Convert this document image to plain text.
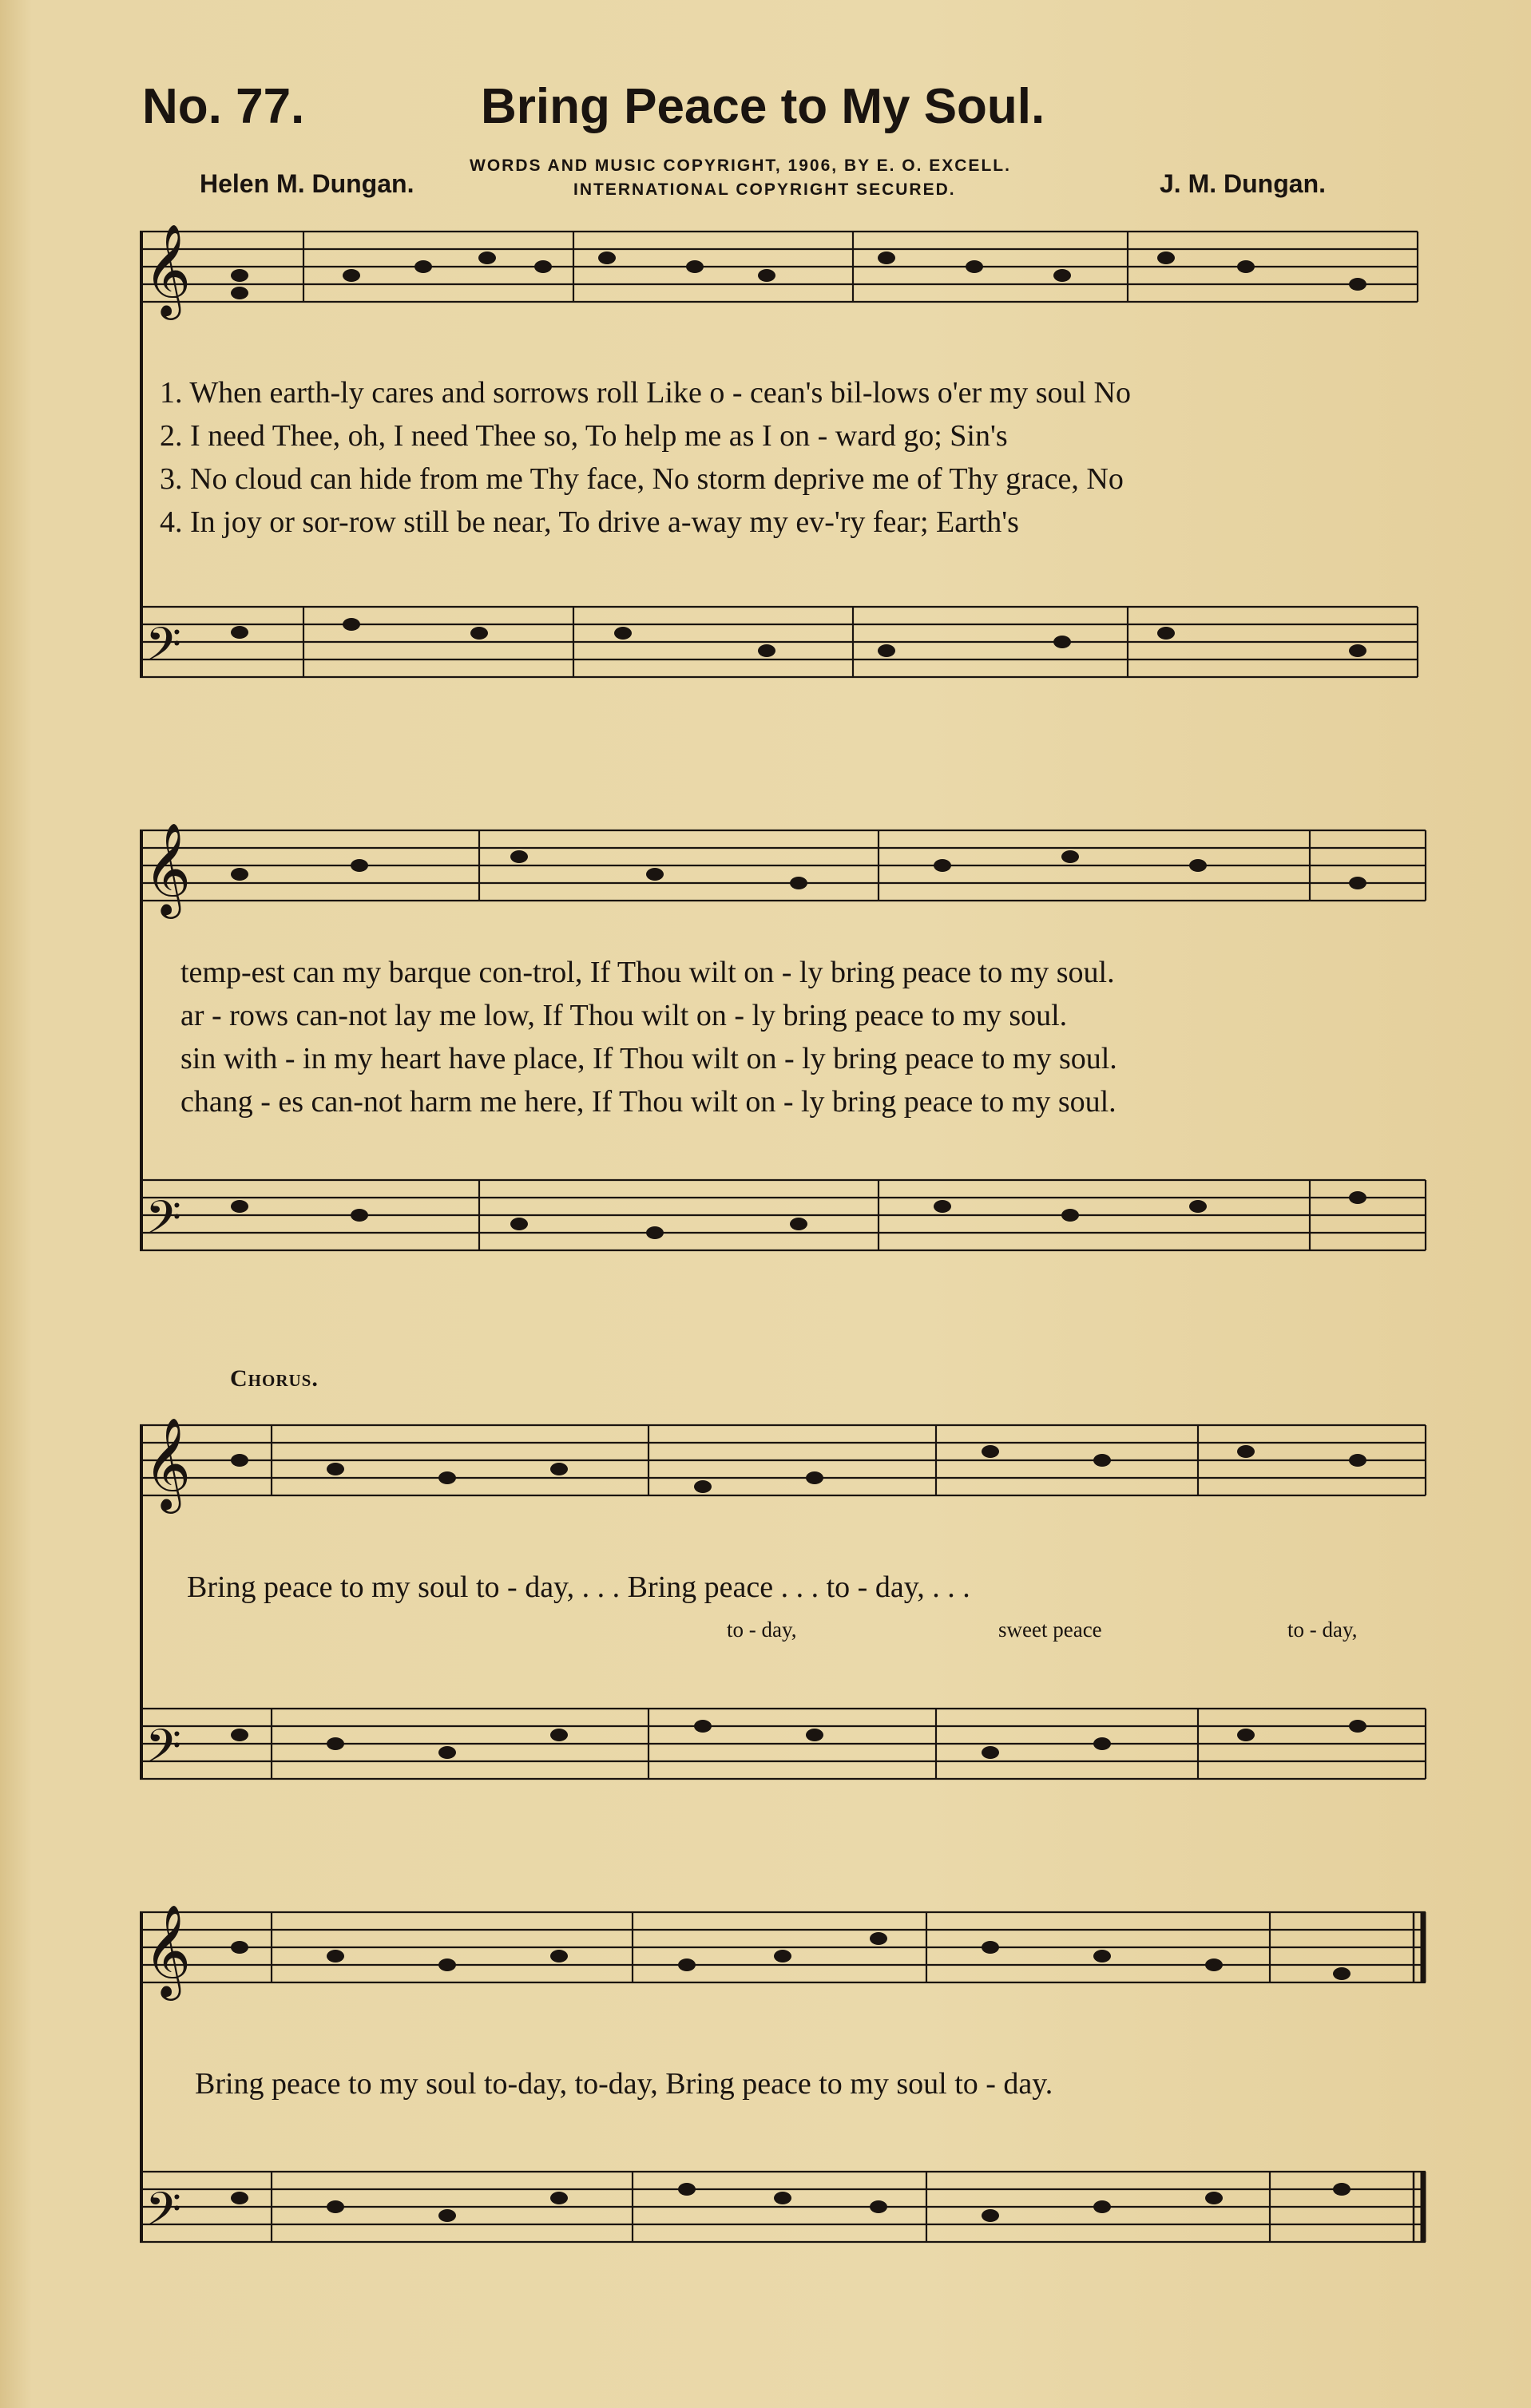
No. 77.	Bring Peace to My Soul.
WORDS AND MUSIC COPYRIGHT, 1906, BY E. O. EXCELL.
INTERNATIONAL COPYRIGHT SECURED.
Helen M. Dungan.	J. M. Dungan.
𝄞
𝄢
𝄞
𝄢
𝄞
𝄢
𝄞
𝄢
1. When earth-ly cares and sorrows roll Like o - cean's bil-lows o'er my soul No
2. I need Thee, oh, I need Thee so, To help me as I on - ward go; Sin's
3. No cloud can hide from me Thy face, No storm deprive me of Thy grace, No
4. In joy or sor-row still be near, To drive a-way my ev-'ry fear; Earth's
temp-est can my barque con-trol, If Thou wilt on - ly bring peace to my soul.
ar - rows can-not lay me low, If Thou wilt on - ly bring peace to my soul.
sin with - in my heart have place, If Thou wilt on - ly bring peace to my soul.
chang - es can-not harm me here, If Thou wilt on - ly bring peace to my soul.
Chorus.
Bring peace to my soul to - day, . . . Bring peace . . . to - day, . . .
to - day,	sweet peace	to - day,
Bring peace to my soul to-day, to-day, Bring peace to my soul to - day.
